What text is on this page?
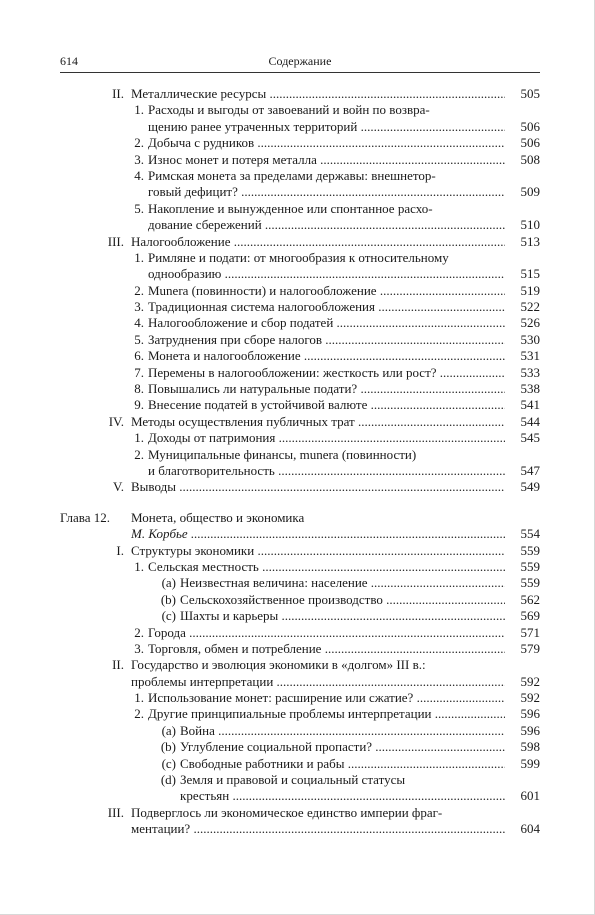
614	Содержание
II. Металлические ресурсы .....	505
1. Расходы и выгоды от завоеваний и войн по возвра-
щению ранее утраченных территорий .....	506
2. Добыча с рудников .....	506
3. Износ монет и потеря металла .....	508
4. Римская монета за пределами державы: внешнетор-
говый дефицит? .....	509
5. Накопление и вынужденное или спонтанное расхо-
дование сбережений .....	510
III. Налогообложение .....	513
1. Римляне и подати: от многообразия к относительному
однообразию .....	515
2. Munera (повинности) и налогообложение .....	519
3. Традиционная система налогообложения .....	522
4. Налогообложение и сбор податей .....	526
5. Затруднения при сборе налогов .....	530
6. Монета и налогообложение .....	531
7. Перемены в налогообложении: жесткость или рост? .....	533
8. Повышались ли натуральные подати? .....	538
9. Внесение податей в устойчивой валюте .....	541
IV. Методы осуществления публичных трат .....	544
1. Доходы от патримония .....	545
2. Муниципальные финансы, munera (повинности)
и благотворительность .....	547
V. Выводы .....	549
Глава 12.	Монета, общество и экономика
М. Корбье .....	554
I. Структуры экономики .....	559
1. Сельская местность .....	559
(a) Неизвестная величина: население .....	559
(b) Сельскохозяйственное производство .....	562
(c) Шахты и карьеры .....	569
2. Города .....	571
3. Торговля, обмен и потребление .....	579
II. Государство и эволюция экономики в «долгом» III в.:
проблемы интерпретации .....	592
1. Использование монет: расширение или сжатие? .....	592
2. Другие принципиальные проблемы интерпретации .....	596
(a) Война .....	596
(b) Углубление социальной пропасти? .....	598
(c) Свободные работники и рабы .....	599
(d) Земля и правовой и социальный статусы
крестьян .....	601
III. Подверглось ли экономическое единство империи фраг-
ментации? .....	604
